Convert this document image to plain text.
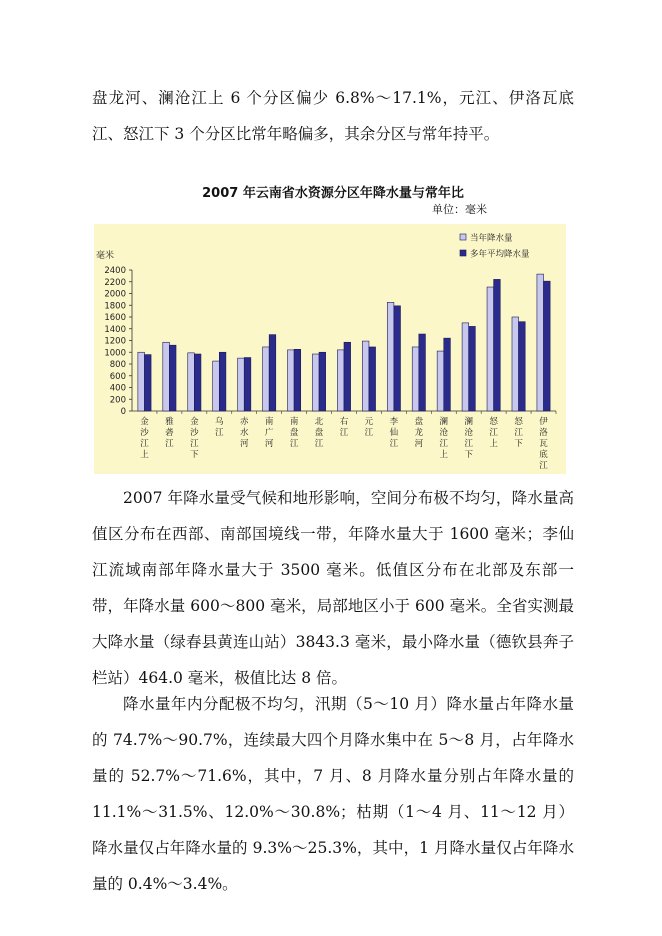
盘龙河、澜沧江上 6 个分区偏少 6.8%～17.1%，元江、伊洛瓦底江、怒江下 3 个分区比常年略偏多，其余分区与常年持平。

2007 年云南省水资源分区年降水量与常年比
单位：毫米
毫米
0
200
400
600
800
1000
1200
1400
1600
1800
2000
2200
2400
金
沙
江
上
雅
砻
江
金
沙
江
下
乌
江
赤
水
河
南
广
河
南
盘
江
北
盘
江
右
江
元
江
李
仙
江
盘
龙
河
澜
沧
江
上
澜
沧
江
下
怒
江
上
怒
江
下
伊
洛
瓦
底
江
当年降水量
多年平均降水量

2007 年降水量受气候和地形影响，空间分布极不均匀，降水量高值区分布在西部、南部国境线一带，年降水量大于 1600 毫米；李仙江流域南部年降水量大于 3500 毫米。低值区分布在北部及东部一带，年降水量 600～800 毫米，局部地区小于 600 毫米。全省实测最大降水量（绿春县黄连山站）3843.3 毫米，最小降水量（德钦县奔子栏站）464.0 毫米，极值比达 8 倍。

降水量年内分配极不均匀，汛期（5～10 月）降水量占年降水量的 74.7%～90.7%，连续最大四个月降水集中在 5～8 月，占年降水量的 52.7%～71.6%，其中，7 月、8 月降水量分别占年降水量的 11.1%～31.5%、12.0%～30.8%；枯期（1～4 月、11～12 月）降水量仅占年降水量的 9.3%～25.3%，其中，1 月降水量仅占年降水量的 0.4%～3.4%。
